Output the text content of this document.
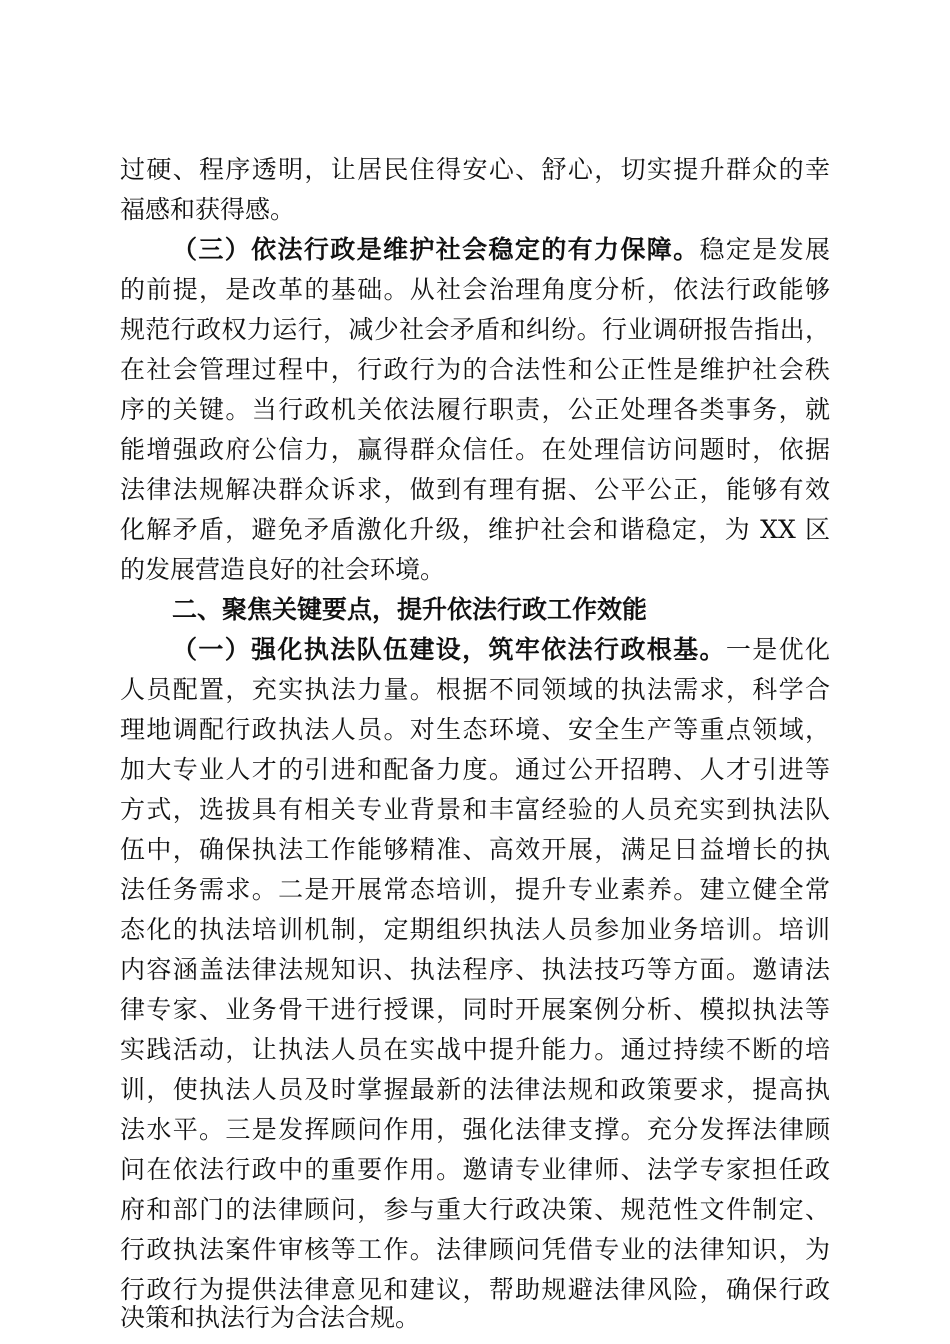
过硬、程序透明，让居民住得安心、舒心，切实提升群众的幸
福感和获得感。
（三）依法行政是维护社会稳定的有力保障。稳定是发展
的前提，是改革的基础。从社会治理角度分析，依法行政能够
规范行政权力运行，减少社会矛盾和纠纷。行业调研报告指出，
在社会管理过程中，行政行为的合法性和公正性是维护社会秩
序的关键。当行政机关依法履行职责，公正处理各类事务，就
能增强政府公信力，赢得群众信任。在处理信访问题时，依据
法律法规解决群众诉求，做到有理有据、公平公正，能够有效
化解矛盾，避免矛盾激化升级，维护社会和谐稳定，为 XX 区
的发展营造良好的社会环境。
二、聚焦关键要点，提升依法行政工作效能
（一）强化执法队伍建设，筑牢依法行政根基。一是优化
人员配置，充实执法力量。根据不同领域的执法需求，科学合
理地调配行政执法人员。对生态环境、安全生产等重点领域，
加大专业人才的引进和配备力度。通过公开招聘、人才引进等
方式，选拔具有相关专业背景和丰富经验的人员充实到执法队
伍中，确保执法工作能够精准、高效开展，满足日益增长的执
法任务需求。二是开展常态培训，提升专业素养。建立健全常
态化的执法培训机制，定期组织执法人员参加业务培训。培训
内容涵盖法律法规知识、执法程序、执法技巧等方面。邀请法
律专家、业务骨干进行授课，同时开展案例分析、模拟执法等
实践活动，让执法人员在实战中提升能力。通过持续不断的培
训，使执法人员及时掌握最新的法律法规和政策要求，提高执
法水平。三是发挥顾问作用，强化法律支撑。充分发挥法律顾
问在依法行政中的重要作用。邀请专业律师、法学专家担任政
府和部门的法律顾问，参与重大行政决策、规范性文件制定、
行政执法案件审核等工作。法律顾问凭借专业的法律知识，为
行政行为提供法律意见和建议，帮助规避法律风险，确保行政
决策和执法行为合法合规。
